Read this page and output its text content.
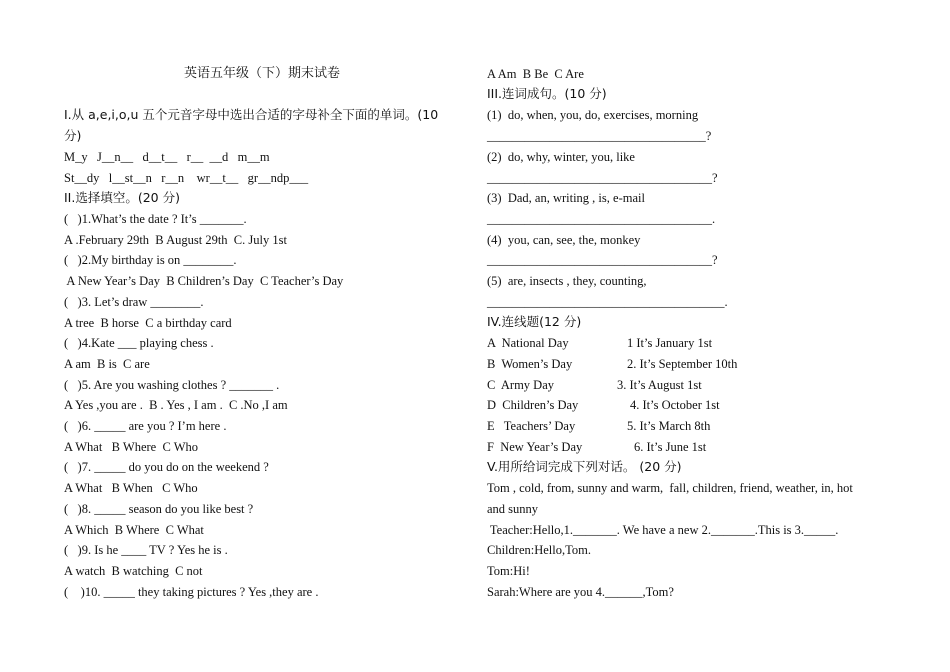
英语五年级（下）期末试卷
I.从 a,e,i,o,u 五个元音字母中选出合适的字母补全下面的单词。(10
分)
M_y   J__n__   d__t__   r__  __d   m__m
St__dy   l__st__n   r__n    wr__t__   gr__ndp___
II.选择填空。(20 分)
(   )1.What’s the date ? It’s _______.
A .February 29th  B August 29th  C. July 1st
(   )2.My birthday is on ________.
A New Year’s Day  B Children’s Day  C Teacher’s Day
(   )3. Let’s draw ________.
A tree  B horse  C a birthday card
(   )4.Kate ___ playing chess .
A am  B is  C are
(   )5. Are you washing clothes ? _______ .
A Yes ,you are .  B . Yes , I am .  C .No ,I am
(   )6. _____ are you ? I’m here .
A What   B Where  C Who
(   )7. _____ do you do on the weekend ?
A What   B When   C Who
(   )8. _____ season do you like best ?
A Which  B Where  C What
(   )9. Is he ____ TV ? Yes he is .
A watch  B watching  C not
(    )10. _____ they taking pictures ? Yes ,they are .
A Am  B Be  C Are
III.连词成句。(10 分)
(1)  do, when, you, do, exercises, morning
___________________________________?
(2)  do, why, winter, you, like
____________________________________?
(3)  Dad, an, writing , is, e-mail
____________________________________.
(4)  you, can, see, the, monkey
____________________________________?
(5)  are, insects , they, counting,
______________________________________.
IV.连线题(12 分)
A  National Day	1 It’s January 1st
B  Women’s Day	2. It’s September 10th
C  Army Day	3. It’s August 1st
D  Children’s Day	4. It’s October 1st
E   Teachers’ Day	5. It’s March 8th
F  New Year’s Day	6. It’s June 1st
V.用所给词完成下列对话。 (20 分)
Tom , cold, from, sunny and warm,  fall, children, friend, weather, in, hot
and sunny
Teacher:Hello,1._______. We have a new 2._______.This is 3._____.
Children:Hello,Tom.
Tom:Hi!
Sarah:Where are you 4.______,Tom?
